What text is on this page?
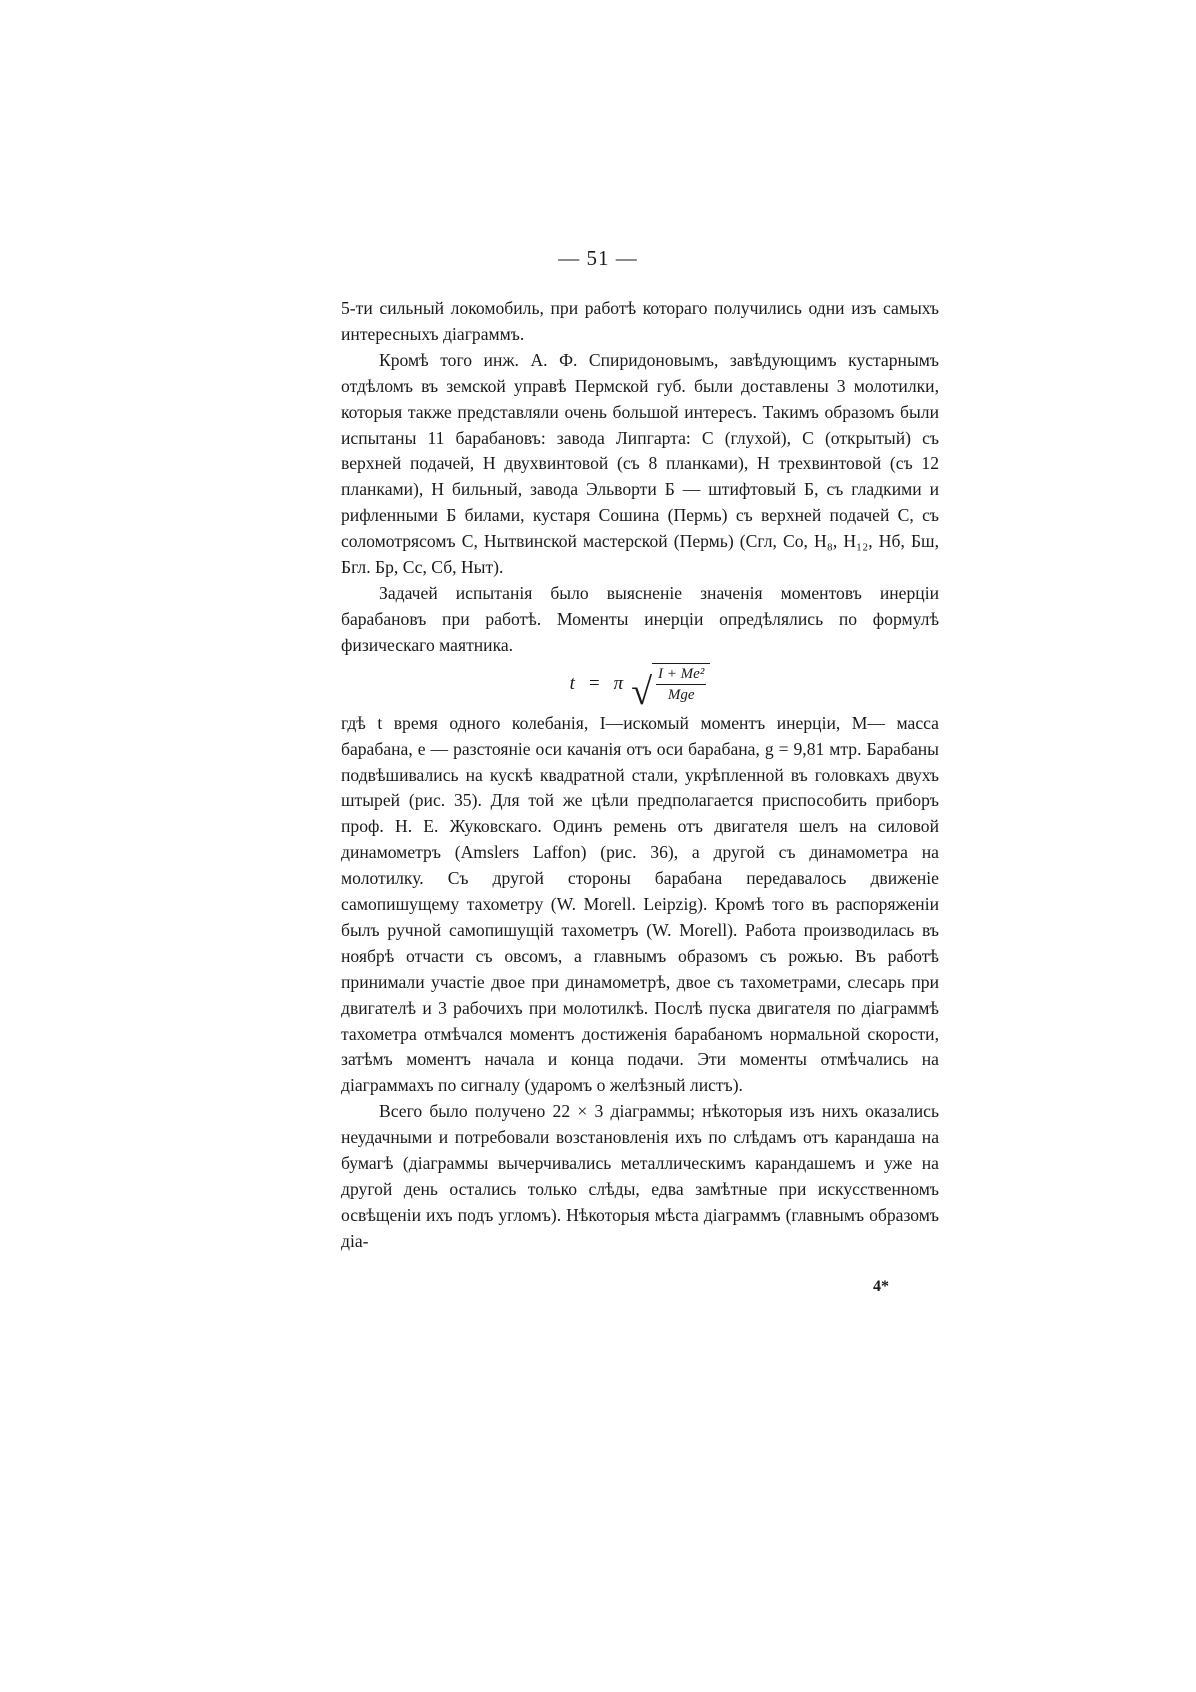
— 51 —

5-ти сильный локомобиль, при работѣ котораго получились одни изъ самыхъ интересныхъ діаграммъ.

Кромѣ того инж. А. Ф. Спиридоновымъ, завѣдующимъ кустарнымъ отдѣломъ въ земской управѣ Пермской губ. были доставлены 3 молотилки, которыя также представляли очень большой интересъ. Такимъ образомъ были испытаны 11 барабановъ: завода Липгарта: С (глухой), С (открытый) съ верхней подачей, Н двухвинтовой (съ 8 планками), Н трехвинтовой (съ 12 планками), Н бильный, завода Эльворти Б — штифтовый Б, съ гладкими и рифленными Б билами, кустаря Сошина (Пермь) съ верхней подачей С, съ соломотрясомъ С, Нытвинской мастерской (Пермь) (Сгл, Со, H₈, H₁₂, Нб, Бш, Бгл. Бр, Сс, Сб, Ныт).

Задачей испытанія было выясненіе значенія моментовъ инерціи барабановъ при работѣ. Моменты инерціи опредѣлялись по формулѣ физическаго маятника.

t = π √ $\frac{\text{I + Me²}}{\text{Mge}}$

гдѣ t время одного колебанія, I—искомый моментъ инерціи, M— масса барабана, e — разстояніе оси качанія отъ оси барабана, g = 9,81 мтр. Барабаны подвѣшивались на кускѣ квадратной стали, укрѣпленной въ головкахъ двухъ штырей (рис. 35). Для той же цѣли предполагается приспособить приборъ проф. Н. Е. Жуковскаго. Одинъ ремень отъ двигателя шелъ на силовой динамометръ (Amslers Laffon) (рис. 36), а другой съ динамометра на молотилку. Съ другой стороны барабана передавалось движеніе самопишущему тахометру (W. Morell. Leipzig). Кромѣ того въ распоряженіи былъ ручной самопишущій тахометръ (W. Morell). Работа производилась въ ноябрѣ отчасти съ овсомъ, а главнымъ образомъ съ рожью. Въ работѣ принимали участіе двое при динамометрѣ, двое съ тахометрами, слесарь при двигателѣ и 3 рабочихъ при молотилкѣ. Послѣ пуска двигателя по діаграммѣ тахометра отмѣчался моментъ достиженія барабаномъ нормальной скорости, затѣмъ моментъ начала и конца подачи. Эти моменты отмѣчались на діаграммахъ по сигналу (ударомъ о желѣзный листъ).

Всего было получено 22 × 3 діаграммы; нѣкоторыя изъ нихъ оказались неудачными и потребовали возстановленія ихъ по слѣдамъ отъ карандаша на бумагѣ (діаграммы вычерчивались металлическимъ карандашемъ и уже на другой день остались только слѣды, едва замѣтные при искусственномъ освѣщеніи ихъ подъ угломъ). Нѣкоторыя мѣста діаграммъ (главнымъ образомъ діа-

4*
